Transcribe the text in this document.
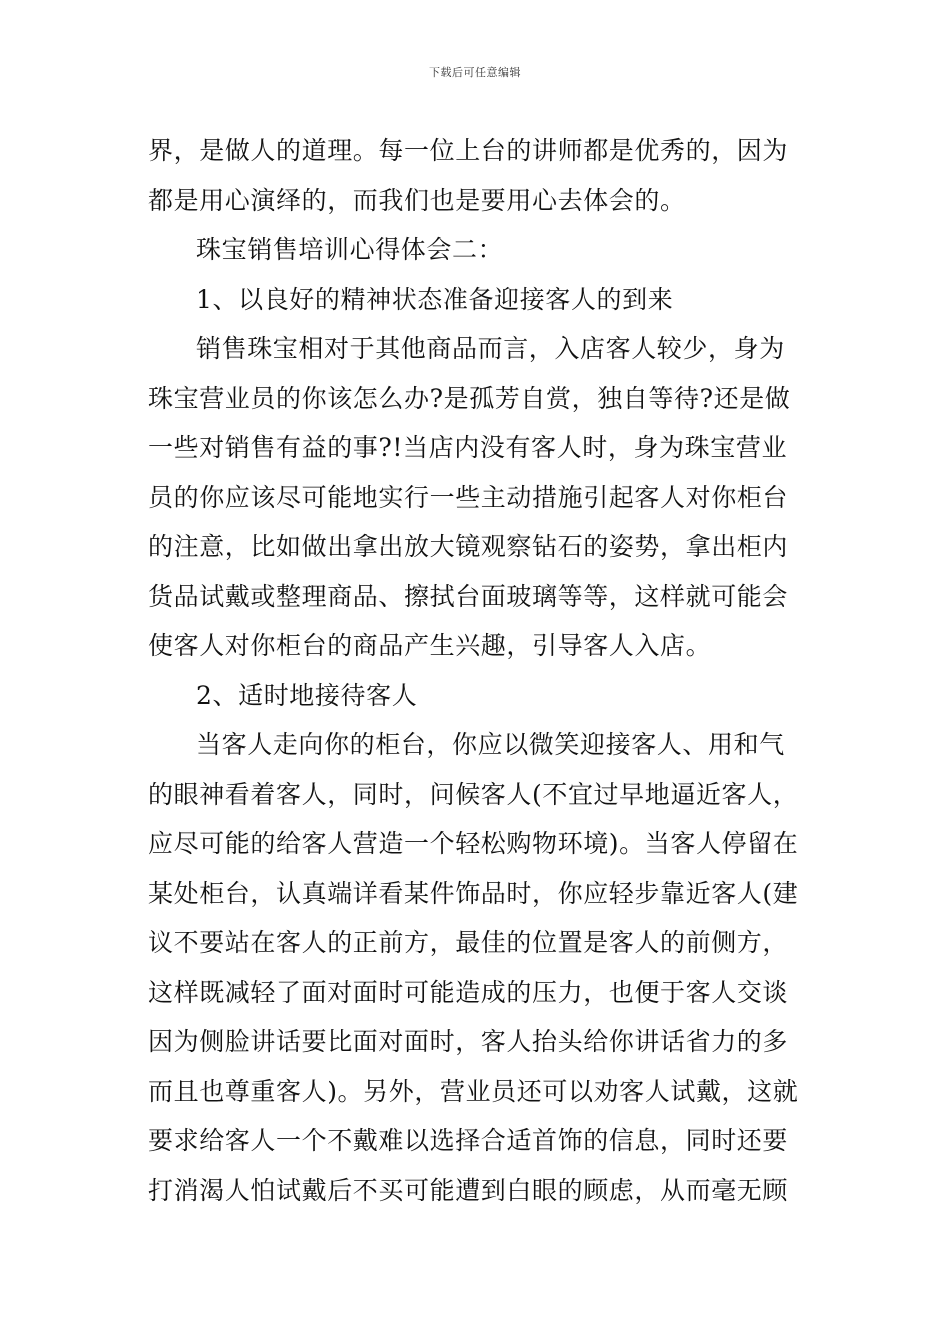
下载后可任意编辑
界，是做人的道理。每一位上台的讲师都是优秀的，因为
都是用心演绎的，而我们也是要用心去体会的。
珠宝销售培训心得体会二：
1、以良好的精神状态准备迎接客人的到来
销售珠宝相对于其他商品而言，入店客人较少，身为
珠宝营业员的你该怎么办?是孤芳自赏，独自等待?还是做
一些对销售有益的事?!当店内没有客人时，身为珠宝营业
员的你应该尽可能地实行一些主动措施引起客人对你柜台
的注意，比如做出拿出放大镜观察钻石的姿势，拿出柜内
货品试戴或整理商品、擦拭台面玻璃等等，这样就可能会
使客人对你柜台的商品产生兴趣，引导客人入店。
2、适时地接待客人
当客人走向你的柜台，你应以微笑迎接客人、用和气
的眼神看着客人，同时，问候客人(不宜过早地逼近客人，
应尽可能的给客人营造一个轻松购物环境)。当客人停留在
某处柜台，认真端详看某件饰品时，你应轻步靠近客人(建
议不要站在客人的正前方，最佳的位置是客人的前侧方，
这样既减轻了面对面时可能造成的压力，也便于客人交谈
因为侧脸讲话要比面对面时，客人抬头给你讲话省力的多
而且也尊重客人)。另外，营业员还可以劝客人试戴，这就
要求给客人一个不戴难以选择合适首饰的信息，同时还要
打消渴人怕试戴后不买可能遭到白眼的顾虑，从而毫无顾
